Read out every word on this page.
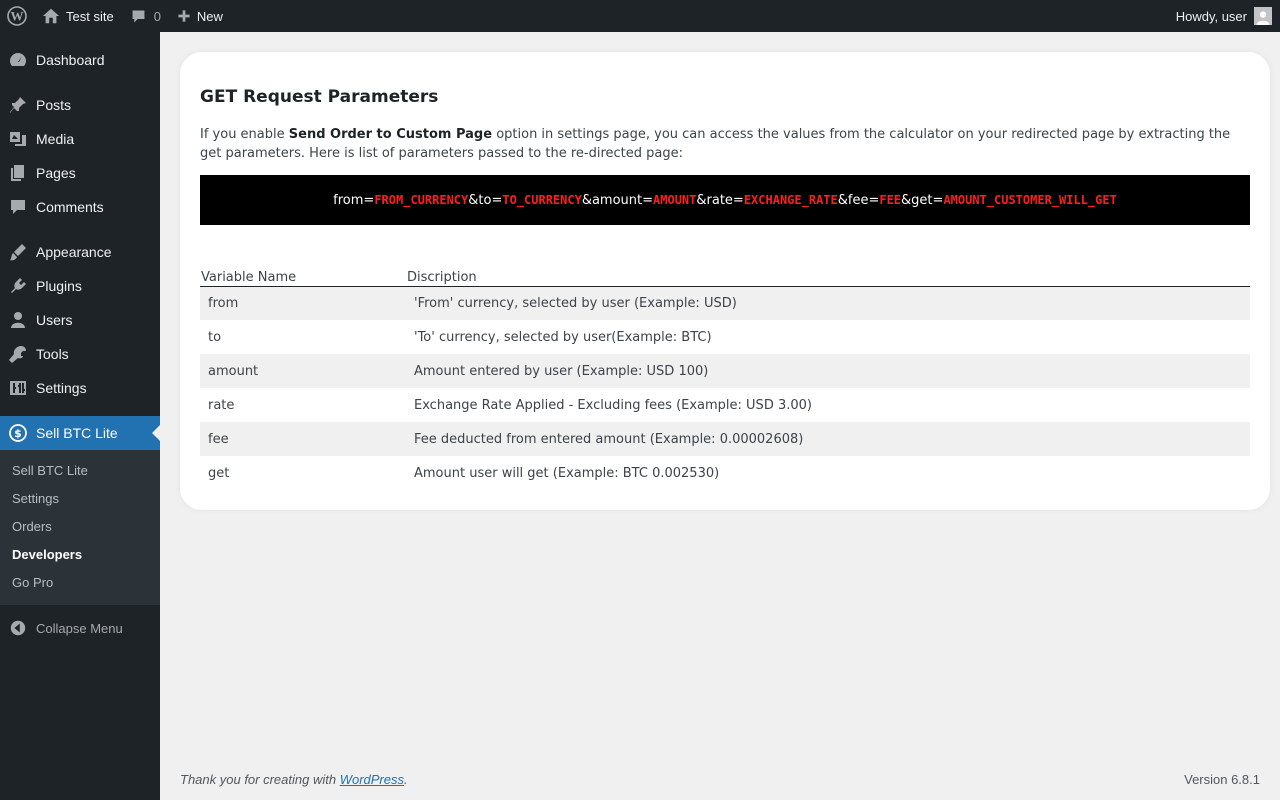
W	Test site	0	New	Howdy, user
Dashboard
Posts
Media
Pages
Comments
Appearance
Plugins
Users
Tools
Settings
$ Sell BTC Lite
Sell BTC Lite
Settings
Orders
Developers
Go Pro
Collapse Menu
GET Request Parameters

If you enable Send Order to Custom Page option in settings page, you can access the values from the calculator on your redirected page by extracting the get parameters. Here is list of parameters passed to the re-directed page:

from= FROM_CURRENCY &to= TO_CURRENCY &amount= AMOUNT &rate= EXCHANGE_RATE &fee= FEE &get= AMOUNT_CUSTOMER_WILL_GET
Variable Name	Discription
from	'From' currency, selected by user (Example: USD)
to	'To' currency, selected by user(Example: BTC)
amount	Amount entered by user (Example: USD 100)
rate	Exchange Rate Applied - Excluding fees (Example: USD 3.00)
fee	Fee deducted from entered amount (Example: 0.00002608)
get	Amount user will get (Example: BTC 0.002530)
Thank you for creating with WordPress.	Version 6.8.1
